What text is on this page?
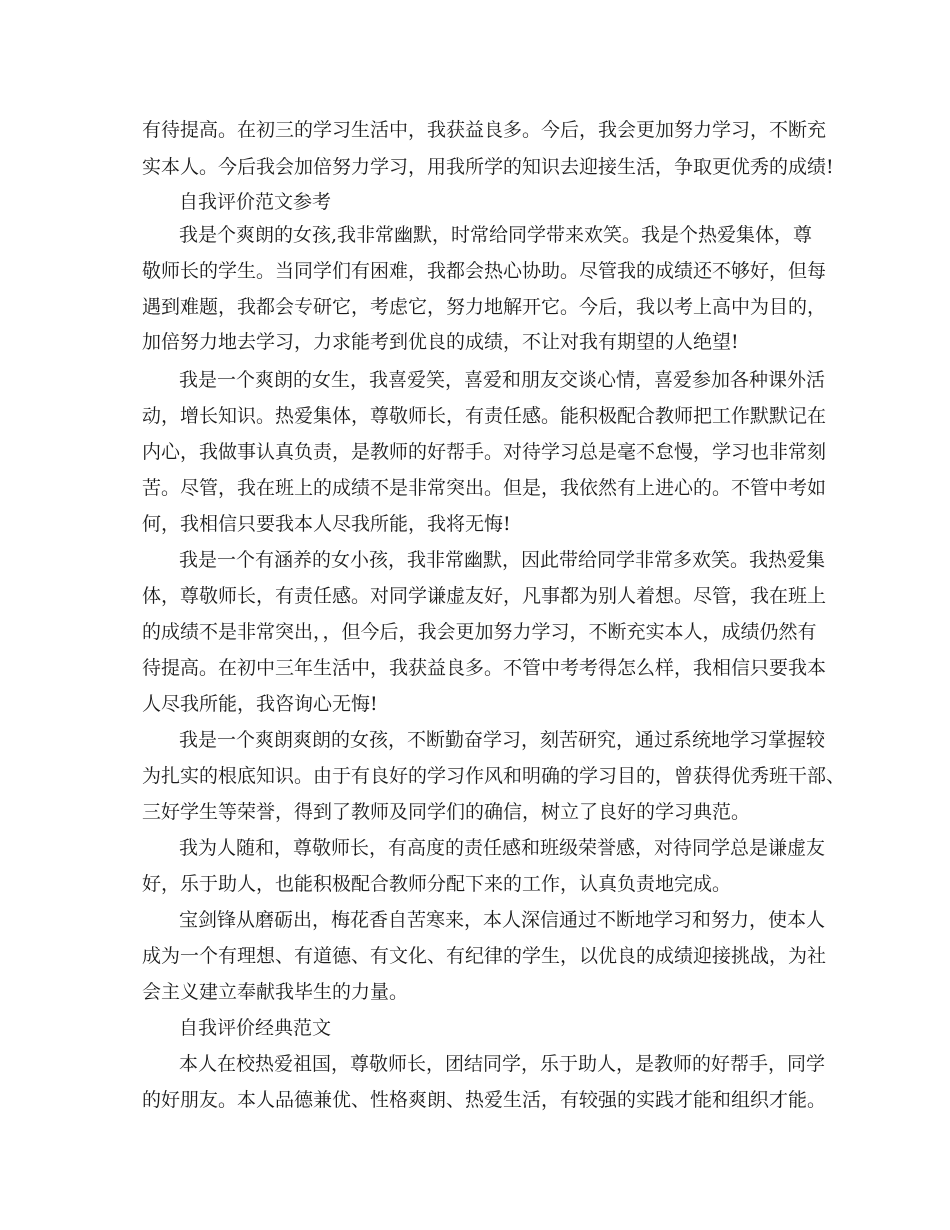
有待提高。在初三的学习生活中，我获益良多。今后，我会更加努力学习，不断充
实本人。今后我会加倍努力学习，用我所学的知识去迎接生活，争取更优秀的成绩!
自我评价范文参考
我是个爽朗的女孩,我非常幽默，时常给同学带来欢笑。我是个热爱集体，尊
敬师长的学生。当同学们有困难，我都会热心协助。尽管我的成绩还不够好，但每
遇到难题，我都会专研它，考虑它，努力地解开它。今后，我以考上高中为目的，
加倍努力地去学习，力求能考到优良的成绩，不让对我有期望的人绝望!
我是一个爽朗的女生，我喜爱笑，喜爱和朋友交谈心情，喜爱参加各种课外活
动，增长知识。热爱集体，尊敬师长，有责任感。能积极配合教师把工作默默记在
内心，我做事认真负责，是教师的好帮手。对待学习总是毫不怠慢，学习也非常刻
苦。尽管，我在班上的成绩不是非常突出。但是，我依然有上进心的。不管中考如
何，我相信只要我本人尽我所能，我将无悔!
我是一个有涵养的女小孩，我非常幽默，因此带给同学非常多欢笑。我热爱集
体，尊敬师长，有责任感。对同学谦虚友好，凡事都为别人着想。尽管，我在班上
的成绩不是非常突出，，但今后，我会更加努力学习，不断充实本人，成绩仍然有
待提高。在初中三年生活中，我获益良多。不管中考考得怎么样，我相信只要我本
人尽我所能，我咨询心无悔!
我是一个爽朗爽朗的女孩，不断勤奋学习，刻苦研究，通过系统地学习掌握较
为扎实的根底知识。由于有良好的学习作风和明确的学习目的，曾获得优秀班干部、
三好学生等荣誉，得到了教师及同学们的确信，树立了良好的学习典范。
我为人随和，尊敬师长，有高度的责任感和班级荣誉感，对待同学总是谦虚友
好，乐于助人，也能积极配合教师分配下来的工作，认真负责地完成。
宝剑锋从磨砺出，梅花香自苦寒来，本人深信通过不断地学习和努力，使本人
成为一个有理想、有道德、有文化、有纪律的学生，以优良的成绩迎接挑战，为社
会主义建立奉献我毕生的力量。
自我评价经典范文
本人在校热爱祖国，尊敬师长，团结同学，乐于助人，是教师的好帮手，同学
的好朋友。本人品德兼优、性格爽朗、热爱生活，有较强的实践才能和组织才能。
